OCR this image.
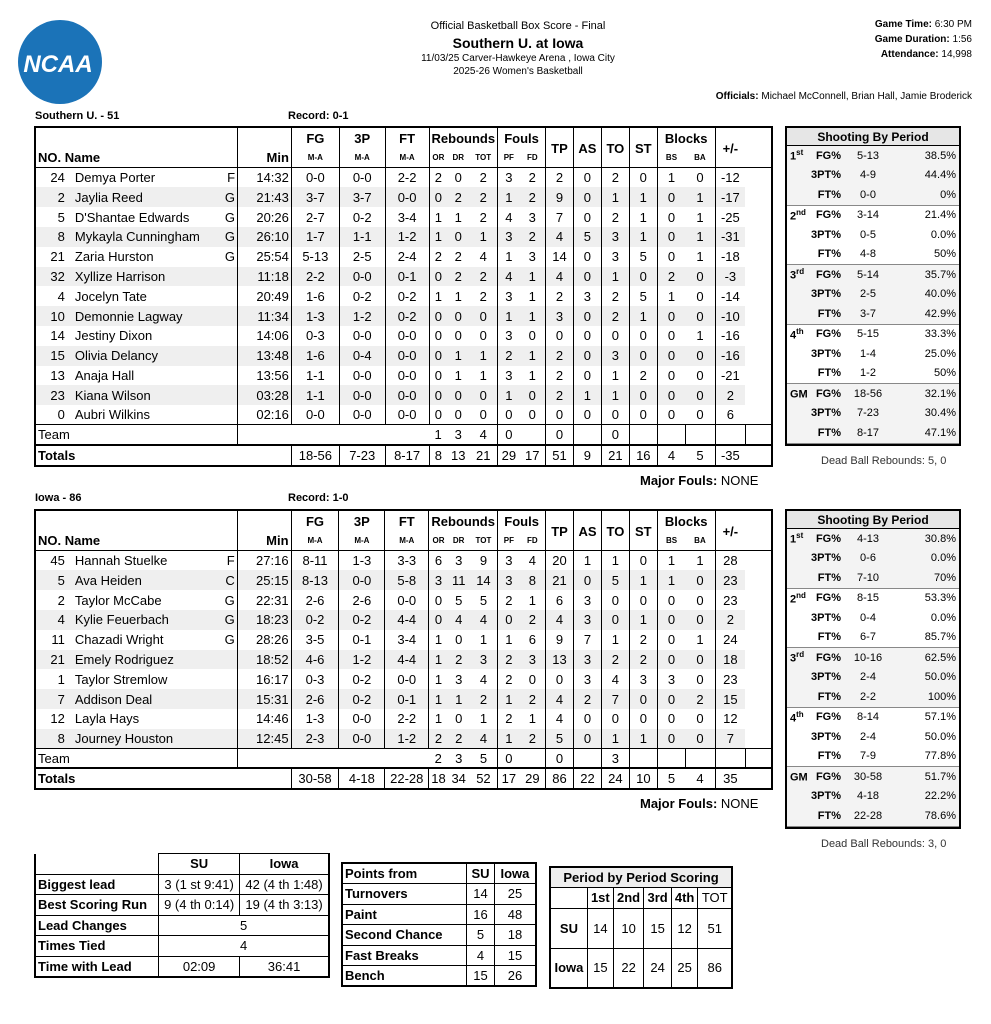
NCAA
Official Basketball Box Score - Final
Southern U. at Iowa
11/03/25 Carver-Hawkeye Arena , Iowa City
2025-26 Women's Basketball
Game Time: 6:30 PM
Game Duration: 1:56
Attendance: 14,998
Officials: Michael McConnell, Brian Hall, Jamie Broderick
Southern U. - 51	Record: 0-1
			FG	3P	FT	Rebounds			Fouls		TP	AS	TO	ST	Blocks		+/-	
NO. Name		Min	M-A	M-A	M-A	OR	DR	TOT	PF	FD					BS	BA		
24	Demya Porter F	14:32	0-0	0-0	2-2	2	0	2	3	2	2	0	2	0	1	0	-12	
2	Jaylia Reed G	21:43	3-7	3-7	0-0	0	2	2	1	2	9	0	1	1	0	1	-17	
5	D'Shantae Edwards G	20:26	2-7	0-2	3-4	1	1	2	4	3	7	0	2	1	0	1	-25	
8	Mykayla Cunningham G	26:10	1-7	1-1	1-2	1	0	1	3	2	4	5	3	1	0	1	-31	
21	Zaria Hurston G	25:54	5-13	2-5	2-4	2	2	4	1	3	14	0	3	5	0	1	-18	
32	Xyllize Harrison	11:18	2-2	0-0	0-1	0	2	2	4	1	4	0	1	0	2	0	-3	
4	Jocelyn Tate	20:49	1-6	0-2	0-2	1	1	2	3	1	2	3	2	5	1	0	-14	
10	Demonnie Lagway	11:34	1-3	1-2	0-2	0	0	0	1	1	3	0	2	1	0	0	-10	
14	Jestiny Dixon	14:06	0-3	0-0	0-0	0	0	0	3	0	0	0	0	0	0	1	-16	
15	Olivia Delancy	13:48	1-6	0-4	0-0	0	1	1	2	1	2	0	3	0	0	0	-16	
13	Anaja Hall	13:56	1-1	0-0	0-0	0	1	1	3	1	2	0	1	2	0	0	-21	
23	Kiana Wilson	03:28	1-1	0-0	0-0	0	0	0	1	0	2	1	1	0	0	0	2	
0	Aubri Wilkins	02:16	0-0	0-0	0-0	0	0	0	0	0	0	0	0	0	0	0	6	
Team						1	3	4	0		0		0					
Totals			18-56	7-23	8-17	8	13	21	29	17	51	9	21	16	4	5	-35	
Shooting By Period
1st	FG%	5-13	38.5%
3PT%	4-9	44.4%
FT%	0-0	0%
2nd FG%	3-14	21.4%
3PT%	0-5	0.0%
FT%	4-8	50%
3rd	FG%	5-14	35.7%
3PT%	2-5	40.0%
FT%	3-7	42.9%
4th	FG%	5-15	33.3%
3PT%	1-4	25.0%
FT%	1-2	50%
GM FG%	18-56	32.1%
3PT%	7-23	30.4%
FT%	8-17	47.1%
Dead Ball Rebounds: 5, 0
Major Fouls: NONE
Iowa - 86	Record: 1-0
			FG	3P	FT	Rebounds			Fouls		TP	AS	TO	ST	Blocks		+/-	
NO. Name		Min	M-A	M-A	M-A	OR	DR	TOT	PF	FD					BS	BA		
45	Hannah Stuelke F	27:16	8-11	1-3	3-3	6	3	9	3	4	20	1	1	0	1	1	28	
5	Ava Heiden C	25:15	8-13	0-0	5-8	3	11	14	3	8	21	0	5	1	1	0	23	
2	Taylor McCabe G	22:31	2-6	2-6	0-0	0	5	5	2	1	6	3	0	0	0	0	23	
4	Kylie Feuerbach G	18:23	0-2	0-2	4-4	0	4	4	0	2	4	3	0	1	0	0	2	
11	Chazadi Wright G	28:26	3-5	0-1	3-4	1	0	1	1	6	9	7	1	2	0	1	24	
21	Emely Rodriguez	18:52	4-6	1-2	4-4	1	2	3	2	3	13	3	2	2	0	0	18	
1	Taylor Stremlow	16:17	0-3	0-2	0-0	1	3	4	2	0	0	3	4	3	3	0	23	
7	Addison Deal	15:31	2-6	0-2	0-1	1	1	2	1	2	4	2	7	0	0	2	15	
12	Layla Hays	14:46	1-3	0-0	2-2	1	0	1	2	1	4	0	0	0	0	0	12	
8	Journey Houston	12:45	2-3	0-0	1-2	2	2	4	1	2	5	0	1	1	0	0	7	
Team						2	3	5	0		0		3					
Totals			30-58	4-18	22-28	18	34	52	17	29	86	22	24	10	5	4	35	
Shooting By Period
1st	FG%	4-13	30.8%
3PT%	0-6	0.0%
FT%	7-10	70%
2nd FG%	8-15	53.3%
3PT%	0-4	0.0%
FT%	6-7	85.7%
3rd	FG%	10-16	62.5%
3PT%	2-4	50.0%
FT%	2-2	100%
4th	FG%	8-14	57.1%
3PT%	2-4	50.0%
FT%	7-9	77.8%
GM FG%	30-58	51.7%
3PT%	4-18	22.2%
FT%	22-28	78.6%
Dead Ball Rebounds: 3, 0
Major Fouls: NONE
	SU	Iowa
Biggest lead	3 (1 st 9:41)	42 (4 th 1:48)
Best Scoring Run	9 (4 th 0:14)	19 (4 th 3:13)
Lead Changes	5	
Times Tied	4	
Time with Lead	02:09	36:41
Points from	SU	Iowa
Turnovers	14	25
Paint	16	48
Second Chance	5	18
Fast Breaks	4	15
Bench	15	26
Period by Period Scoring					
	1st	2nd	3rd	4th	TOT
SU	14	10	15	12	51
Iowa	15	22	24	25	86
